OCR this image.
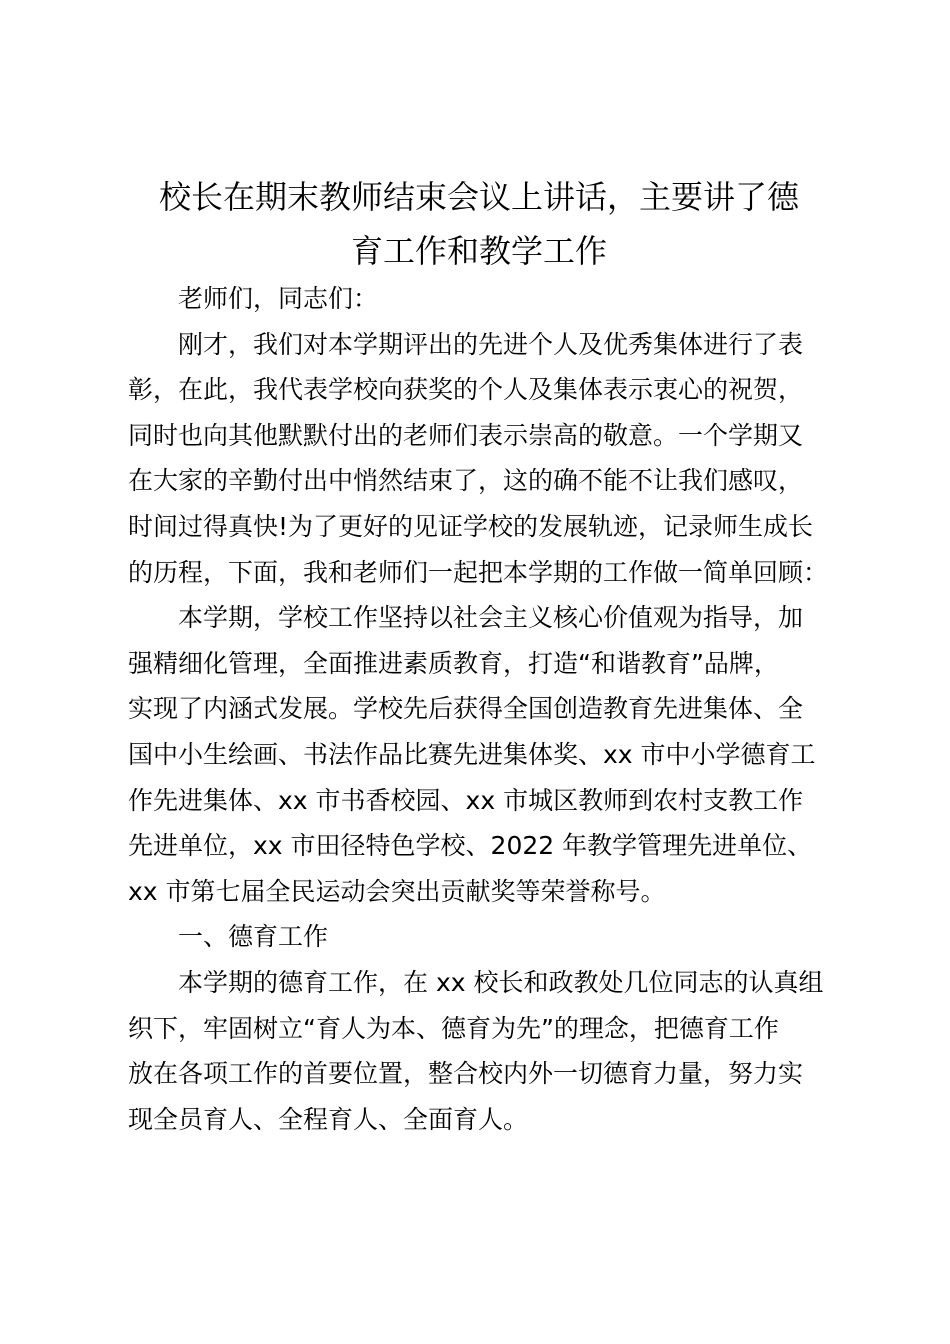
校长在期末教师结束会议上讲话，主要讲了德
育工作和教学工作
老师们，同志们：
刚才，我们对本学期评出的先进个人及优秀集体进行了表
彰，在此，我代表学校向获奖的个人及集体表示衷心的祝贺，
同时也向其他默默付出的老师们表示崇高的敬意。一个学期又
在大家的辛勤付出中悄然结束了，这的确不能不让我们感叹，
时间过得真快!为了更好的见证学校的发展轨迹，记录师生成长
的历程，下面，我和老师们一起把本学期的工作做一简单回顾：
本学期，学校工作坚持以社会主义核心价值观为指导，加
强精细化管理，全面推进素质教育，打造“和谐教育”品牌，
实现了内涵式发展。学校先后获得全国创造教育先进集体、全
国中小生绘画、书法作品比赛先进集体奖、xx 市中小学德育工
作先进集体、xx 市书香校园、xx 市城区教师到农村支教工作
先进单位，xx 市田径特色学校、2022 年教学管理先进单位、
xx 市第七届全民运动会突出贡献奖等荣誉称号。
一、德育工作
本学期的德育工作，在 xx 校长和政教处几位同志的认真组
织下，牢固树立“育人为本、德育为先”的理念，把德育工作
放在各项工作的首要位置，整合校内外一切德育力量，努力实
现全员育人、全程育人、全面育人。
